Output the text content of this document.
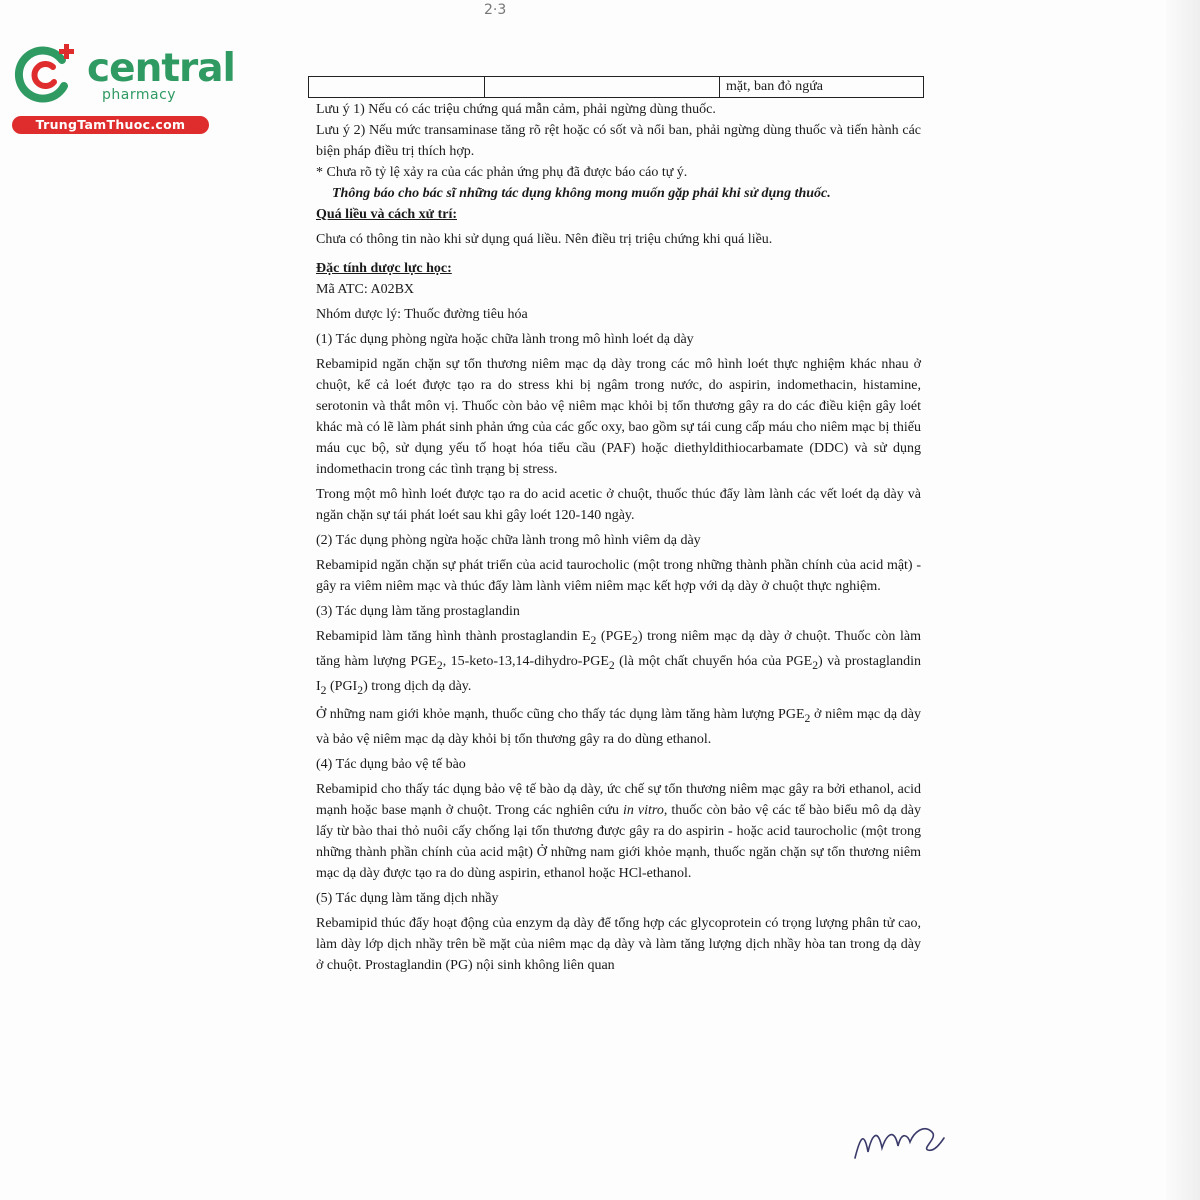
2·3
central
pharmacy
TrungTamThuoc.com
		mặt, ban đỏ ngứa

Lưu ý 1) Nếu có các triệu chứng quá mẫn cảm, phải ngừng dùng thuốc.

Lưu ý 2) Nếu mức transaminase tăng rõ rệt hoặc có sốt và nổi ban, phải ngừng dùng thuốc và tiến hành các biện pháp điều trị thích hợp.

* Chưa rõ tỷ lệ xảy ra của các phản ứng phụ đã được báo cáo tự ý.

Thông báo cho bác sĩ những tác dụng không mong muốn gặp phải khi sử dụng thuốc.

Quá liều và cách xử trí:

Chưa có thông tin nào khi sử dụng quá liều. Nên điều trị triệu chứng khi quá liều.

Đặc tính dược lực học:

Mã ATC: A02BX

Nhóm dược lý: Thuốc đường tiêu hóa

(1) Tác dụng phòng ngừa hoặc chữa lành trong mô hình loét dạ dày

Rebamipid ngăn chặn sự tổn thương niêm mạc dạ dày trong các mô hình loét thực nghiệm khác nhau ở chuột, kể cả loét được tạo ra do stress khi bị ngâm trong nước, do aspirin, indomethacin, histamine, serotonin và thắt môn vị. Thuốc còn bảo vệ niêm mạc khỏi bị tổn thương gây ra do các điều kiện gây loét khác mà có lẽ làm phát sinh phản ứng của các gốc oxy, bao gồm sự tái cung cấp máu cho niêm mạc bị thiếu máu cục bộ, sử dụng yếu tố hoạt hóa tiểu cầu (PAF) hoặc diethyldithiocarbamate (DDC) và sử dụng indomethacin trong các tình trạng bị stress.

Trong một mô hình loét được tạo ra do acid acetic ở chuột, thuốc thúc đẩy làm lành các vết loét dạ dày và ngăn chặn sự tái phát loét sau khi gây loét 120-140 ngày.

(2) Tác dụng phòng ngừa hoặc chữa lành trong mô hình viêm dạ dày

Rebamipid ngăn chặn sự phát triển của acid taurocholic (một trong những thành phần chính của acid mật) - gây ra viêm niêm mạc và thúc đẩy làm lành viêm niêm mạc kết hợp với dạ dày ở chuột thực nghiệm.

(3) Tác dụng làm tăng prostaglandin

Rebamipid làm tăng hình thành prostaglandin $E_2$ $(PGE_2)$ trong niêm mạc dạ dày ở chuột. Thuốc còn làm tăng hàm lượng $PGE_2$, $15-keto-13,14-dihydro-PGE_2$ (là một chất chuyển hóa của $PGE_2$) và prostaglandin $I_2$ $(PGI_2)$ trong dịch dạ dày.

Ở những nam giới khỏe mạnh, thuốc cũng cho thấy tác dụng làm tăng hàm lượng $PGE_2$ ở niêm mạc dạ dày và bảo vệ niêm mạc dạ dày khỏi bị tổn thương gây ra do dùng ethanol.

(4) Tác dụng bảo vệ tế bào

Rebamipid cho thấy tác dụng bảo vệ tế bào dạ dày, ức chế sự tổn thương niêm mạc gây ra bởi ethanol, acid mạnh hoặc base mạnh ở chuột. Trong các nghiên cứu in vitro, thuốc còn bảo vệ các tế bào biểu mô dạ dày lấy từ bào thai thỏ nuôi cấy chống lại tổn thương được gây ra do aspirin - hoặc acid taurocholic (một trong những thành phần chính của acid mật) Ở những nam giới khỏe mạnh, thuốc ngăn chặn sự tổn thương niêm mạc dạ dày được tạo ra do dùng aspirin, ethanol hoặc HCl-ethanol.

(5) Tác dụng làm tăng dịch nhầy

Rebamipid thúc đẩy hoạt động của enzym dạ dày để tổng hợp các glycoprotein có trọng lượng phân tử cao, làm dày lớp dịch nhầy trên bề mặt của niêm mạc dạ dày và làm tăng lượng dịch nhầy hòa tan trong dạ dày ở chuột. Prostaglandin (PG) nội sinh không liên quan
